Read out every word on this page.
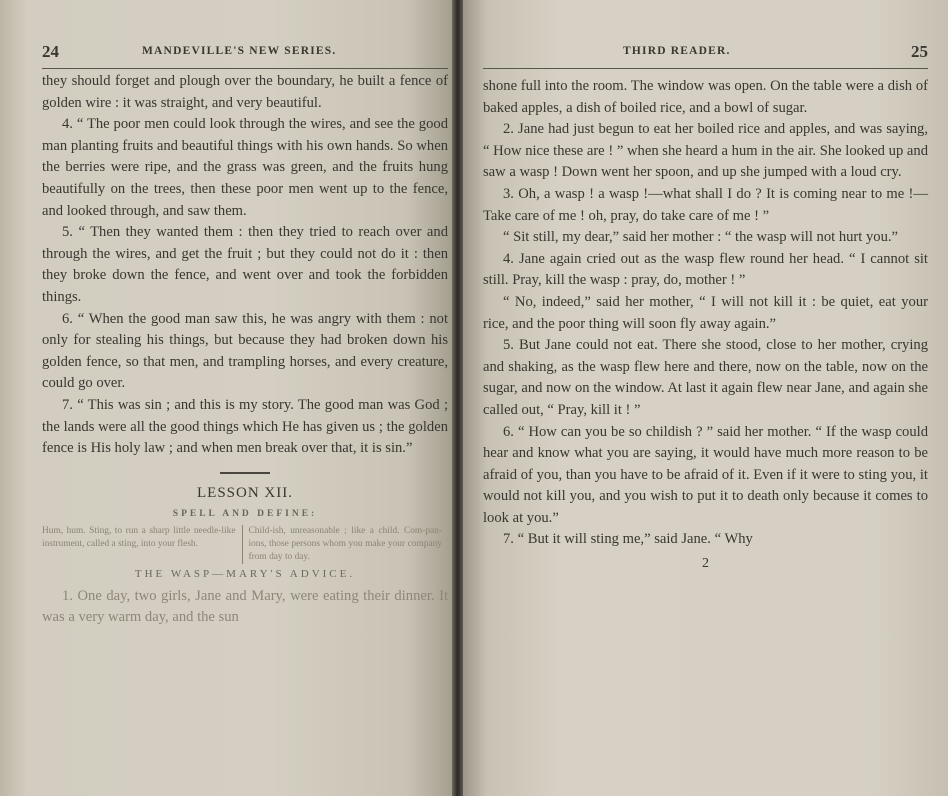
24	MANDEVILLE'S NEW SERIES.

they should forget and plough over the boundary, he built a fence of golden wire : it was straight, and very beautiful.

4. “ The poor men could look through the wires, and see the good man planting fruits and beautiful things with his own hands. So when the berries were ripe, and the grass was green, and the fruits hung beautifully on the trees, then these poor men went up to the fence, and looked through, and saw them.

5. “ Then they wanted them : then they tried to reach over and through the wires, and get the fruit ; but they could not do it : then they broke down the fence, and went over and took the forbidden things.

6. “ When the good man saw this, he was angry with them : not only for stealing his things, but because they had broken down his golden fence, so that men, and trampling horses, and every creature, could go over.

7. “ This was sin ; and this is my story. The good man was God ; the lands were all the good things which He has given us ; the golden fence is His holy law ; and when men break over that, it is sin.”

LESSON XII.

SPELL AND DEFINE:

Hum, hum. Sting, to run a sharp little needle-like instrument, called a sting, into your flesh.
Child-ish, unreasonable ; like a child. Com-pan-ions, those persons whom you make your company from day to day.

THE WASP—MARY'S ADVICE.

1. One day, two girls, Jane and Mary, were eating their dinner. It was a very warm day, and the sun

THIRD READER.	25

shone full into the room. The window was open. On the table were a dish of baked apples, a dish of boiled rice, and a bowl of sugar.

2. Jane had just begun to eat her boiled rice and apples, and was saying, “ How nice these are ! ” when she heard a hum in the air. She looked up and saw a wasp ! Down went her spoon, and up she jumped with a loud cry.

3. Oh, a wasp ! a wasp !—what shall I do ? It is coming near to me !—Take care of me ! oh, pray, do take care of me ! ”

“ Sit still, my dear,” said her mother : “ the wasp will not hurt you.”

4. Jane again cried out as the wasp flew round her head. “ I cannot sit still. Pray, kill the wasp : pray, do, mother ! ”

“ No, indeed,” said her mother, “ I will not kill it : be quiet, eat your rice, and the poor thing will soon fly away again.”

5. But Jane could not eat. There she stood, close to her mother, crying and shaking, as the wasp flew here and there, now on the table, now on the sugar, and now on the window. At last it again flew near Jane, and again she called out, “ Pray, kill it ! ”

6. “ How can you be so childish ? ” said her mother. “ If the wasp could hear and know what you are saying, it would have much more reason to be afraid of you, than you have to be afraid of it. Even if it were to sting you, it would not kill you, and you wish to put it to death only because it comes to look at you.”

7. “ But it will sting me,” said Jane. “ Why

2
